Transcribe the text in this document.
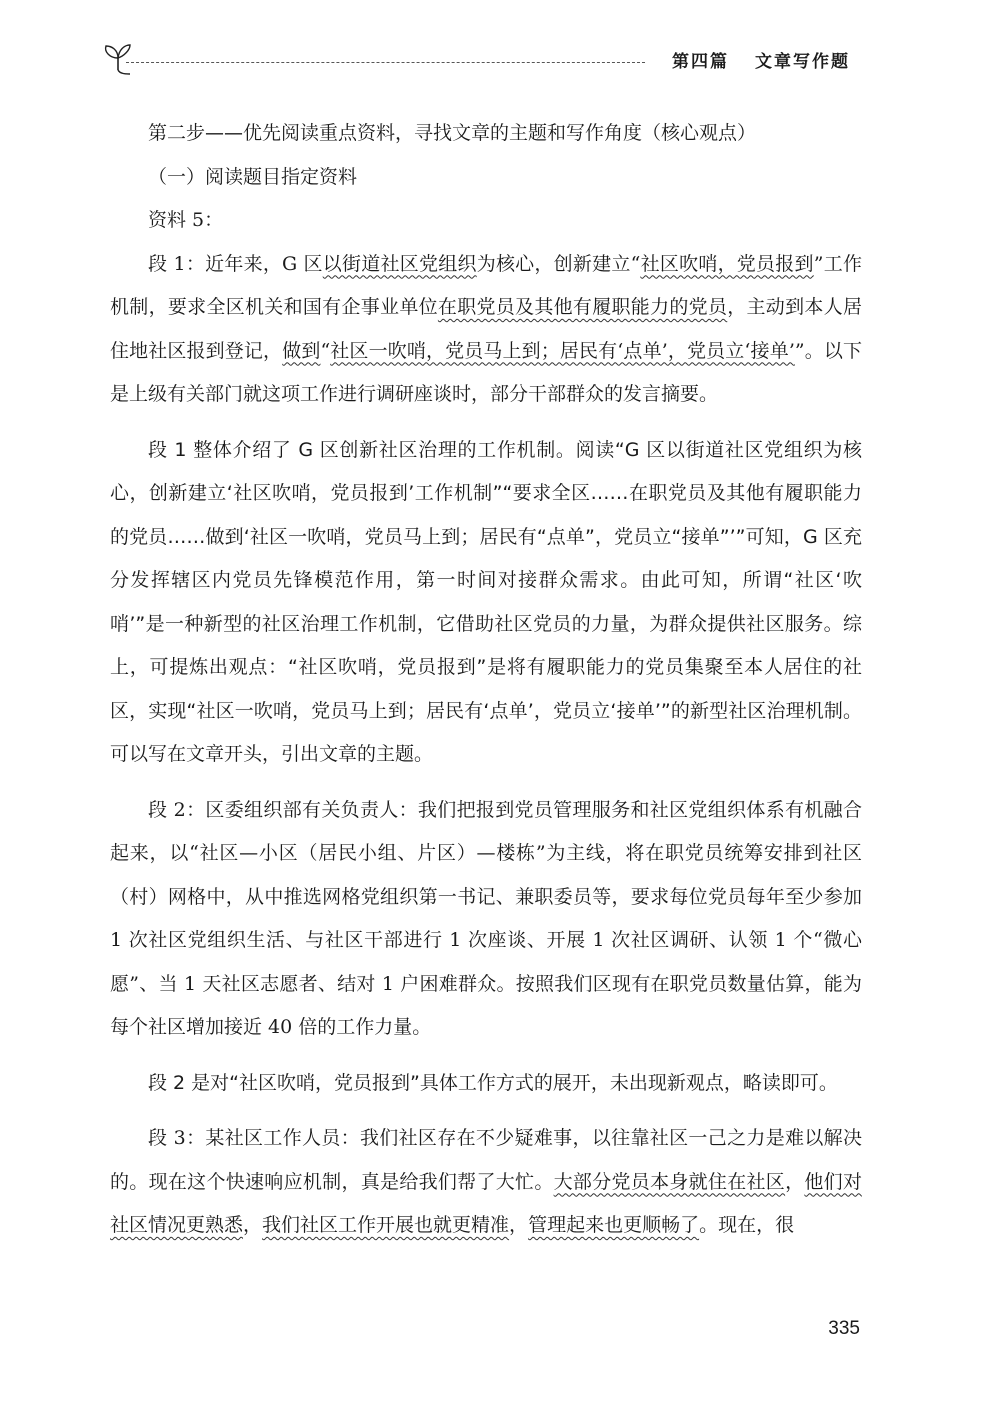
第四篇 文章写作题

第二步——优先阅读重点资料，寻找文章的主题和写作角度（核心观点）

（一）阅读题目指定资料

资料 5：

段 1：近年来，G 区以街道社区党组织为核心，创新建立“社区吹哨，党员报到”工作机制，要求全区机关和国有企事业单位在职党员及其他有履职能力的党员，主动到本人居住地社区报到登记，做到“社区一吹哨，党员马上到；居民有‘点单’，党员立‘接单’”。以下是上级有关部门就这项工作进行调研座谈时，部分干部群众的发言摘要。

段 1 整体介绍了 G 区创新社区治理的工作机制。阅读“G 区以街道社区党组织为核心，创新建立‘社区吹哨，党员报到’工作机制”“要求全区……在职党员及其他有履职能力的党员……做到‘社区一吹哨，党员马上到；居民有“点单”，党员立“接单”’”可知，G 区充分发挥辖区内党员先锋模范作用，第一时间对接群众需求。由此可知，所谓“社区‘吹哨’”是一种新型的社区治理工作机制，它借助社区党员的力量，为群众提供社区服务。综上，可提炼出观点：“社区吹哨，党员报到”是将有履职能力的党员集聚至本人居住的社区，实现“社区一吹哨，党员马上到；居民有‘点单’，党员立‘接单’”的新型社区治理机制。可以写在文章开头，引出文章的主题。

段 2：区委组织部有关负责人：我们把报到党员管理服务和社区党组织体系有机融合起来，以“社区—小区（居民小组、片区）—楼栋”为主线，将在职党员统筹安排到社区（村）网格中，从中推选网格党组织第一书记、兼职委员等，要求每位党员每年至少参加 1 次社区党组织生活、与社区干部进行 1 次座谈、开展 1 次社区调研、认领 1 个“微心愿”、当 1 天社区志愿者、结对 1 户困难群众。按照我们区现有在职党员数量估算，能为每个社区增加接近 40 倍的工作力量。

段 2 是对“社区吹哨，党员报到”具体工作方式的展开，未出现新观点，略读即可。

段 3：某社区工作人员：我们社区存在不少疑难事，以往靠社区一己之力是难以解决的。现在这个快速响应机制，真是给我们帮了大忙。大部分党员本身就住在社区，他们对社区情况更熟悉，我们社区工作开展也就更精准，管理起来也更顺畅了。现在，很

335
